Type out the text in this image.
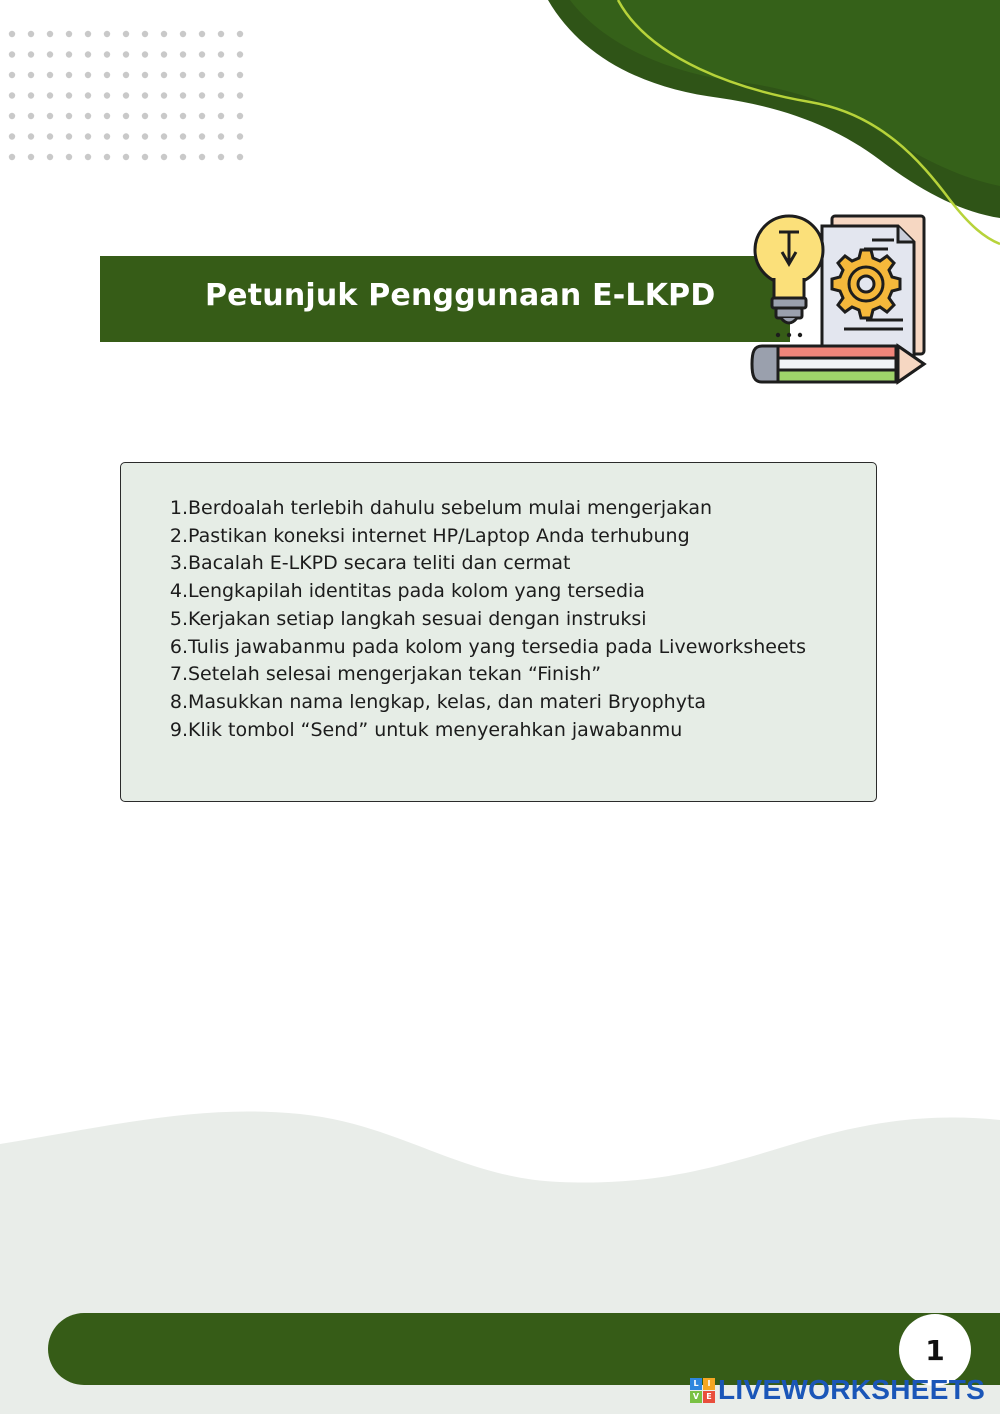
Petunjuk Penggunaan E-LKPD
1. Berdoalah terlebih dahulu sebelum mulai mengerjakan
2. Pastikan koneksi internet HP/Laptop Anda terhubung
3. Bacalah E-LKPD secara teliti dan cermat
4. Lengkapilah identitas pada kolom yang tersedia
5. Kerjakan setiap langkah sesuai dengan instruksi
6. Tulis jawabanmu pada kolom yang tersedia pada Liveworksheets
7. Setelah selesai mengerjakan tekan “Finish”
8. Masukkan nama lengkap, kelas, dan materi Bryophyta
9. Klik tombol “Send” untuk menyerahkan jawabanmu
1
L	I
V E LIVEWORKSHEETS
